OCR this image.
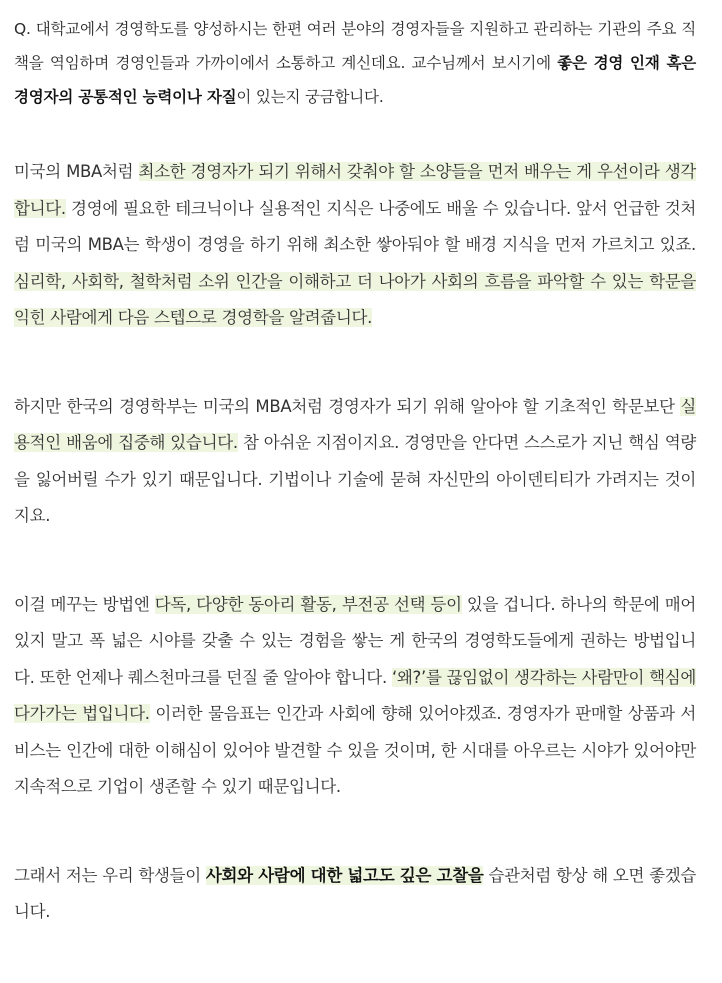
Q. 대학교에서 경영학도를 양성하시는 한편 여러 분야의 경영자들을 지원하고 관리하는 기관의 주요 직책을 역임하며 경영인들과 가까이에서 소통하고 계신데요. 교수님께서 보시기에 좋은 경영 인재 혹은 경영자의 공통적인 능력이나 자질이 있는지 궁금합니다.

미국의 MBA처럼 최소한 경영자가 되기 위해서 갖춰야 할 소양들을 먼저 배우는 게 우선이라 생각합니다. 경영에 필요한 테크닉이나 실용적인 지식은 나중에도 배울 수 있습니다. 앞서 언급한 것처럼 미국의 MBA는 학생이 경영을 하기 위해 최소한 쌓아둬야 할 배경 지식을 먼저 가르치고 있죠. 심리학, 사회학, 철학처럼 소위 인간을 이해하고 더 나아가 사회의 흐름을 파악할 수 있는 학문을 익힌 사람에게 다음 스텝으로 경영학을 알려줍니다.

하지만 한국의 경영학부는 미국의 MBA처럼 경영자가 되기 위해 알아야 할 기초적인 학문보단 실용적인 배움에 집중해 있습니다. 참 아쉬운 지점이지요. 경영만을 안다면 스스로가 지닌 핵심 역량을 잃어버릴 수가 있기 때문입니다. 기법이나 기술에 묻혀 자신만의 아이덴티티가 가려지는 것이지요.

이걸 메꾸는 방법엔 다독, 다양한 동아리 활동, 부전공 선택 등이 있을 겁니다. 하나의 학문에 매어 있지 말고 폭 넓은 시야를 갖출 수 있는 경험을 쌓는 게 한국의 경영학도들에게 권하는 방법입니다. 또한 언제나 퀘스천마크를 던질 줄 알아야 합니다. ‘왜?’를 끊임없이 생각하는 사람만이 핵심에 다가가는 법입니다. 이러한 물음표는 인간과 사회에 향해 있어야겠죠. 경영자가 판매할 상품과 서비스는 인간에 대한 이해심이 있어야 발견할 수 있을 것이며, 한 시대를 아우르는 시야가 있어야만 지속적으로 기업이 생존할 수 있기 때문입니다.

그래서 저는 우리 학생들이 사회와 사람에 대한 넓고도 깊은 고찰을 습관처럼 항상 해 오면 좋겠습니다.
